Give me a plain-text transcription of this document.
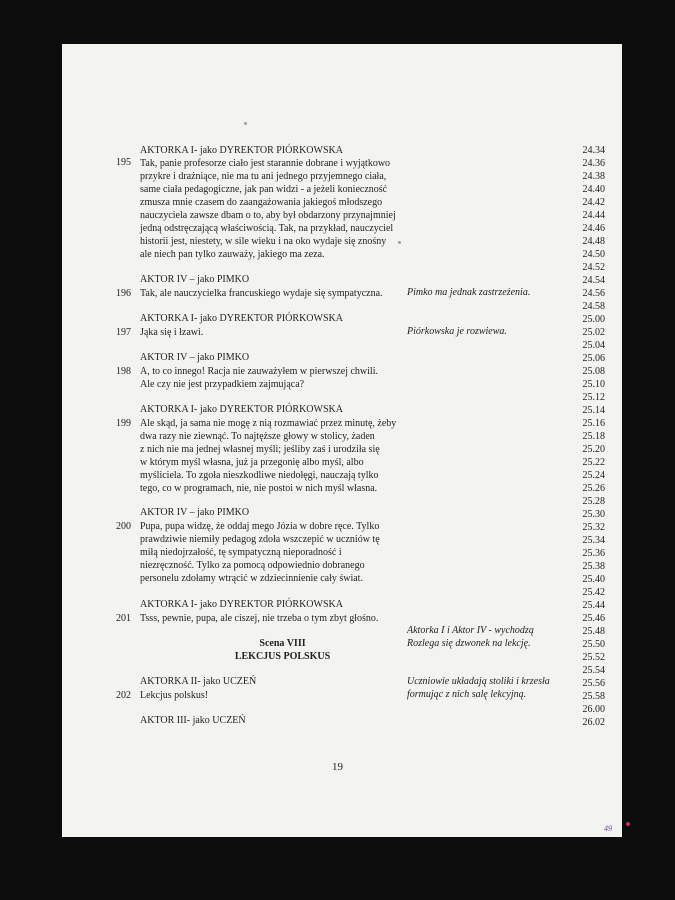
AKTORKA I- jako DYREKTOR PIÓRKOWSKA
195 Tak, panie profesorze ciało jest starannie dobrane i wyjątkowo
przykre i drażniące, nie ma tu ani jednego przyjemnego ciała,
same ciała pedagogiczne, jak pan widzi - a jeżeli konieczność
zmusza mnie czasem do zaangażowania jakiegoś młodszego
nauczyciela zawsze dbam o to, aby był obdarzony przynajmniej
jedną odstręczającą właściwością. Tak, na przykład, nauczyciel
historii jest, niestety, w sile wieku i na oko wydaje się znośny
ale niech pan tylko zauważy, jakiego ma zeza.
AKTOR IV – jako PIMKO
196 Tak, ale nauczycielka francuskiego wydaje się sympatyczna. Pimko ma jednak zastrzeżenia.
AKTORKA I- jako DYREKTOR PIÓRKOWSKA
197 Jąka się i łzawi.	Piórkowska je rozwiewa.
AKTOR IV – jako PIMKO
198 A, to co innego! Racja nie zauważyłem w pierwszej chwili.
Ale czy nie jest przypadkiem zajmująca?
AKTORKA I- jako DYREKTOR PIÓRKOWSKA
199 Ale skąd, ja sama nie mogę z nią rozmawiać przez minutę, żeby
dwa razy nie ziewnąć. To najtęższe głowy w stolicy, żaden
z nich nie ma jednej własnej myśli; jeśliby zaś i urodziła się
w którym myśl własna, już ja przegonię albo myśl, albo
myśliciela. To zgoła nieszkodliwe niedołęgi, nauczają tylko
tego, co w programach, nie, nie postoi w nich myśl własna.
AKTOR IV – jako PIMKO
200 Pupa, pupa widzę, że oddaj mego Józia w dobre ręce. Tylko
prawdziwie niemiły pedagog zdoła wszczepić w uczniów tę
miłą niedojrzałość, tę sympatyczną nieporadność i
niezręczność. Tylko za pomocą odpowiednio dobranego
personelu zdołamy wtrącić w zdziecinnienie cały świat.
AKTORKA I- jako DYREKTOR PIÓRKOWSKA
201 Tsss, pewnie, pupa, ale ciszej, nie trzeba o tym zbyt głośno.
Aktorka I i Aktor IV - wychodzą
Rozlega się dzwonek na lekcję.
Scena VIII
LEKCJUS POLSKUS
AKTORKA II- jako UCZEŃ
202 Lekcjus polskus!
Uczniowie układają stoliki i krzesła
formując z nich salę lekcyjną.
AKTOR III- jako UCZEŃ
24.34
24.36
24.38
24.40
24.42
24.44
24.46
24.48
24.50
24.52
24.54
24.56
24.58
25.00
25.02
25.04
25.06
25.08
25.10
25.12
25.14
25.16
25.18
25.20
25.22
25.24
25.26
25.28
25.30
25.32
25.34
25.36
25.38
25.40
25.42
25.44
25.46
25.48
25.50
25.52
25.54
25.56
25.58
26.00
26.02
19
49
